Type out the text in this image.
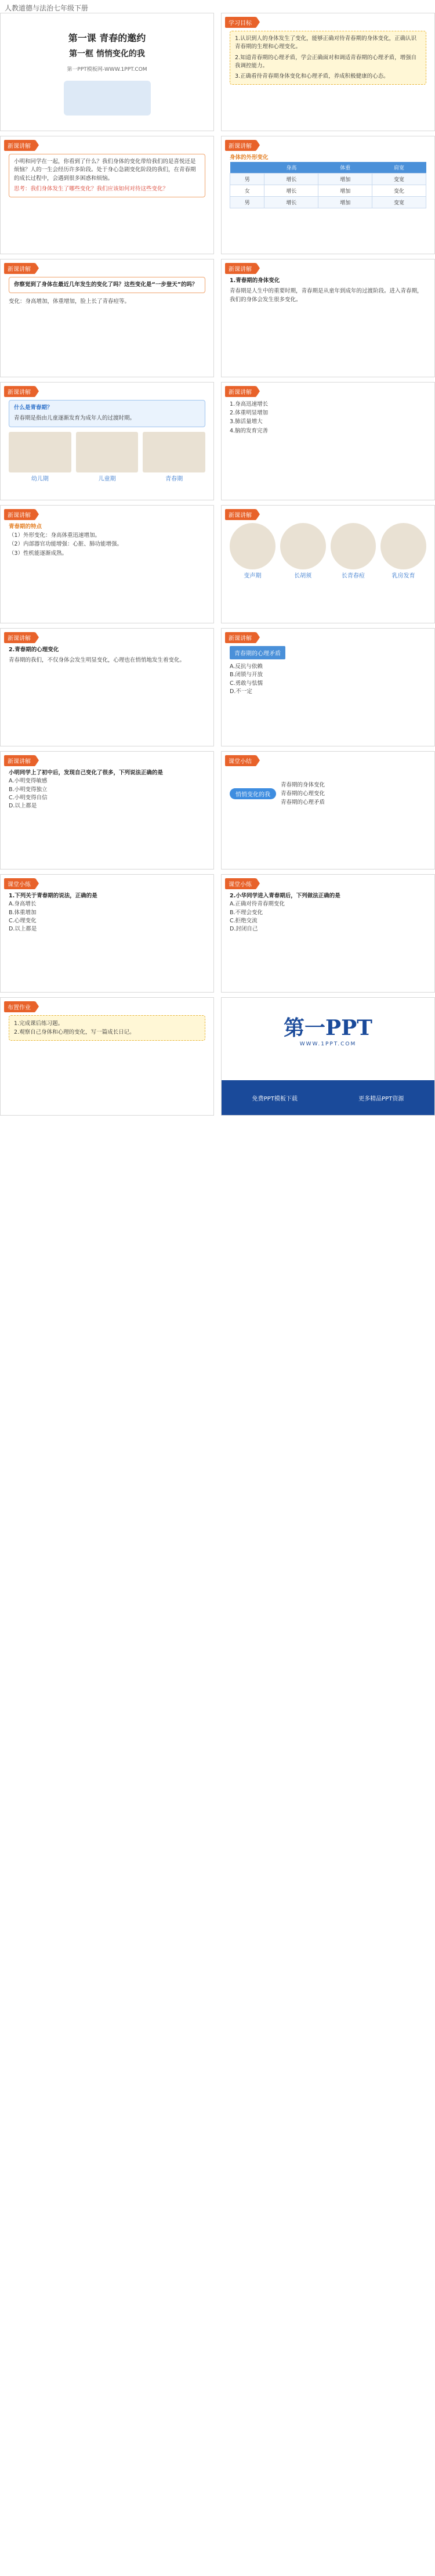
人教道德与法治七年级下册
第一课 青春的邀约
第一框 悄悄变化的我
第一PPT模板网-WWW.1PPT.COM
学习目标
1.认识到人的身体发生了变化，能够正确对待青春期的身体变化，正确认识青春期的生理和心理变化。
2.知道青春期的心理矛盾，学会正确面对和调适青春期的心理矛盾，增强自我调控能力。
3.正确看待青春期身体变化和心理矛盾，养成积极健康的心态。
新课讲解
小明和同学在一起，你看到了什么？我们身体的变化带给我们的是喜悦还是烦恼？人的一生会经历许多阶段。处于身心急剧变化阶段的我们，在青春期的成长过程中，会遇到很多困惑和烦恼。
思考：我们身体发生了哪些变化？我们应该如何对待这些变化？
新课讲解
身体的外形变化
	身高	体重	肩宽
男	增长	增加	变宽
女	增长	增加	变化
男	增长	增加	变宽
新课讲解
你察觉到了身体在最近几年发生的变化了吗？这些变化是“一步登天”的吗？
变化：身高增加，体重增加，脸上长了青春痘等。
新课讲解
1.青春期的身体变化
青春期是人生中的重要时期，青春期是从童年到成年的过渡阶段。进入青春期，我们的身体会发生很多变化。
新课讲解
什么是青春期？
青春期是指由儿童逐渐发育为成年人的过渡时期。
幼儿期	儿童期	青春期
新课讲解
1.身高迅速增长
2.体重明显增加
3.肺活量增大
4.脑的发育完善
新课讲解
青春期的特点
（1）外形变化：身高体重迅速增加。
（2）内部器官功能增强：心脏、肺功能增强。
（3）性机能逐渐成熟。
新课讲解
变声期	长胡须	长青春痘	乳房发育
新课讲解
2.青春期的心理变化
青春期的我们，不仅身体会发生明显变化，心理也在悄悄地发生着变化。
新课讲解
青春期的心理矛盾
A.反抗与依赖
B.闭锁与开放
C.勇敢与怯懦
D.不一定
新课讲解
小明同学上了初中后，发现自己变化了很多，下列说法正确的是
A.小明变得敏感
B.小明变得独立
C.小明变得自信
D.以上都是
课堂小结
悄悄变化的我
青春期的身体变化
青春期的心理变化
青春期的心理矛盾
课堂小练
1.下列关于青春期的说法，正确的是
A.身高增长
B.体重增加
C.心理变化
D.以上都是
课堂小练
2.小华同学进入青春期后，下列做法正确的是
A.正确对待青春期变化
B.不理会变化
C.拒绝交流
D.封闭自己
布置作业
1.完成课后练习题。
2.观察自己身体和心理的变化，写一篇成长日记。	第一PPT
WWW.1PPT.COM
免费PPT模板下载	更多精品PPT资源
